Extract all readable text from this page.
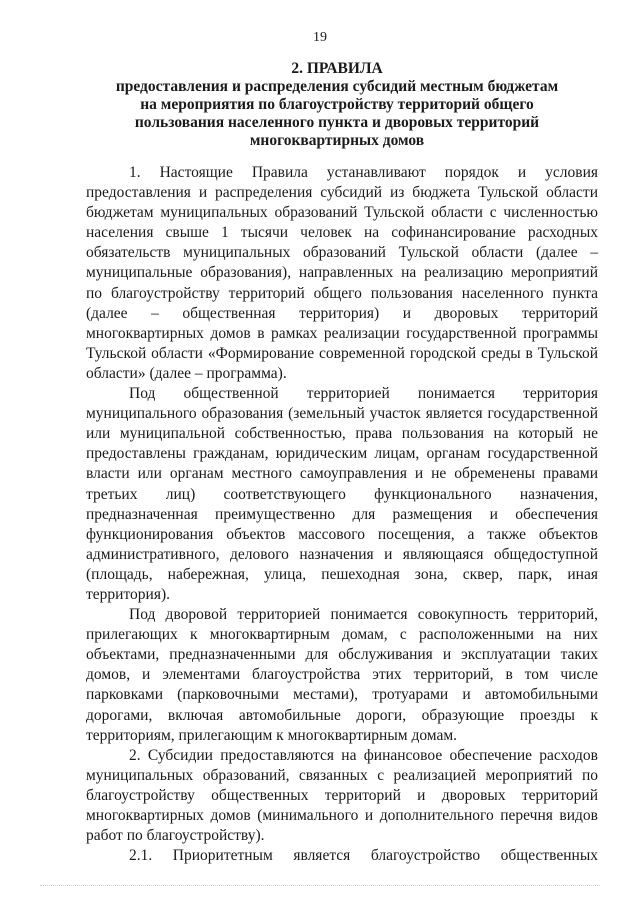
19
2. ПРАВИЛА
предоставления и распределения субсидий местным бюджетам
на мероприятия по благоустройству территорий общего
пользования населенного пункта и дворовых территорий
многоквартирных домов

1. Настоящие Правила устанавливают порядок и условия предоставления и распределения субсидий из бюджета Тульской области бюджетам муниципальных образований Тульской области с численностью населения свыше 1 тысячи человек на софинансирование расходных обязательств муниципальных образований Тульской области (далее – муниципальные образования), направленных на реализацию мероприятий по благоустройству территорий общего пользования населенного пункта (далее – общественная территория) и дворовых территорий многоквартирных домов в рамках реализации государственной программы Тульской области «Формирование современной городской среды в Тульской области» (далее – программа).

Под общественной территорией понимается территория муниципального образования (земельный участок является государственной или муниципальной собственностью, права пользования на который не предоставлены гражданам, юридическим лицам, органам государственной власти или органам местного самоуправления и не обременены правами третьих лиц) соответствующего функционального назначения, предназначенная преимущественно для размещения и обеспечения функционирования объектов массового посещения, а также объектов административного, делового назначения и являющаяся общедоступной (площадь, набережная, улица, пешеходная зона, сквер, парк, иная территория).

Под дворовой территорией понимается совокупность территорий, прилегающих к многоквартирным домам, с расположенными на них объектами, предназначенными для обслуживания и эксплуатации таких домов, и элементами благоустройства этих территорий, в том числе парковками (парковочными местами), тротуарами и автомобильными дорогами, включая автомобильные дороги, образующие проезды к территориям, прилегающим к многоквартирным домам.

2. Субсидии предоставляются на финансовое обеспечение расходов муниципальных образований, связанных с реализацией мероприятий по благоустройству общественных территорий и дворовых территорий многоквартирных домов (минимального и дополнительного перечня видов работ по благоустройству).

2.1. Приоритетным является благоустройство общественных
